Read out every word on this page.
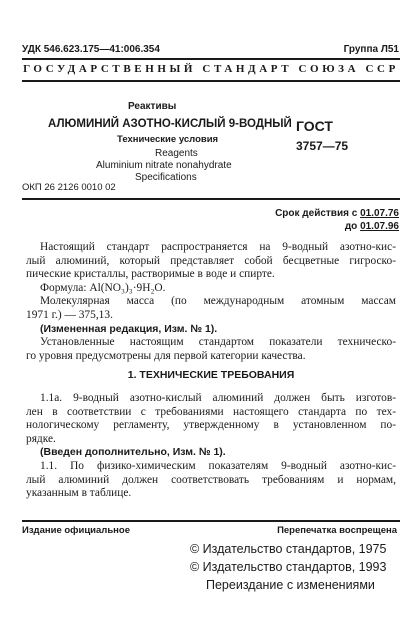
УДК 546.623.175—41:006.354	Группа Л51
ГОСУДАРСТВЕННЫЙ СТАНДАРТ СОЮЗА ССР
Реактивы
АЛЮМИНИЙ АЗОТНО-КИСЛЫЙ 9-ВОДНЫЙ
Технические условия
Reagents
Aluminium nitrate nonahydrate
Specifications
ГОСТ
3757—75
ОКП 26 2126 0010 02
Срок действия с 01.07.76
до 01.07.96
Настоящий стандарт распространяется на 9-водный азотно-кис-
лый алюминий, который представляет собой бесцветные гигроско-
пические кристаллы, растворимые в воде и спирте.
Формула: Al(NO₃)₃·9H₂O.
Молекулярная масса (по международным атомным массам
1971 г.) — 375,13.
(Измененная редакция, Изм. № 1).
Установленные настоящим стандартом показатели техническо-
го уровня предусмотрены для первой категории качества.
1. ТЕХНИЧЕСКИЕ ТРЕБОВАНИЯ
1.1а. 9-водный азотно-кислый алюминий должен быть изготов-
лен в соответствии с требованиями настоящего стандарта по тех-
нологическому регламенту, утвержденному в установленном по-
рядке.
(Введен дополнительно, Изм. № 1).
1.1. По физико-химическим показателям 9-водный азотно-кис-
лый алюминий должен соответствовать требованиям и нормам,
указанным в таблице.
Издание официальное	Перепечатка воспрещена
© Издательство стандартов, 1975
© Издательство стандартов, 1993
Переиздание с изменениями
